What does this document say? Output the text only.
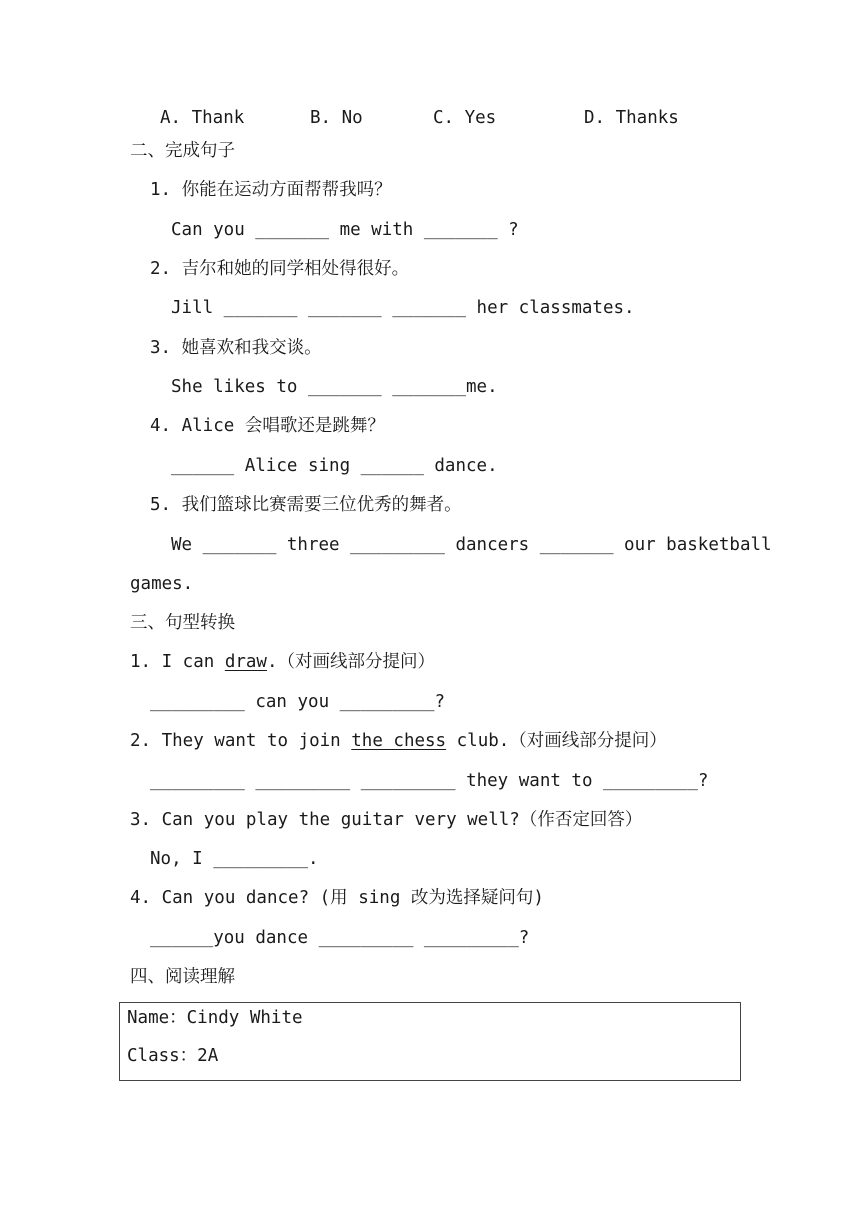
A. Thank	B. No	C. Yes	D. Thanks
二、完成句子
1. 你能在运动方面帮帮我吗？
Can you _______ me with _______ ?
2. 吉尔和她的同学相处得很好。
Jill _______ _______ _______ her classmates.
3. 她喜欢和我交谈。
She likes to _______ _______me.
4. Alice 会唱歌还是跳舞？
______ Alice sing ______ dance.
5. 我们篮球比赛需要三位优秀的舞者。
We _______ three _________ dancers _______ our basketball
games.
三、句型转换
1. I can draw.（对画线部分提问）
_________ can you _________?
2. They want to join the chess club.（对画线部分提问）
_________ _________ _________ they want to _________?
3. Can you play the guitar very well?（作否定回答）
No, I _________.
4. Can you dance? (用 sing 改为选择疑问句)
______you dance _________ _________?
四、阅读理解
Name：Cindy White
Class：2A
